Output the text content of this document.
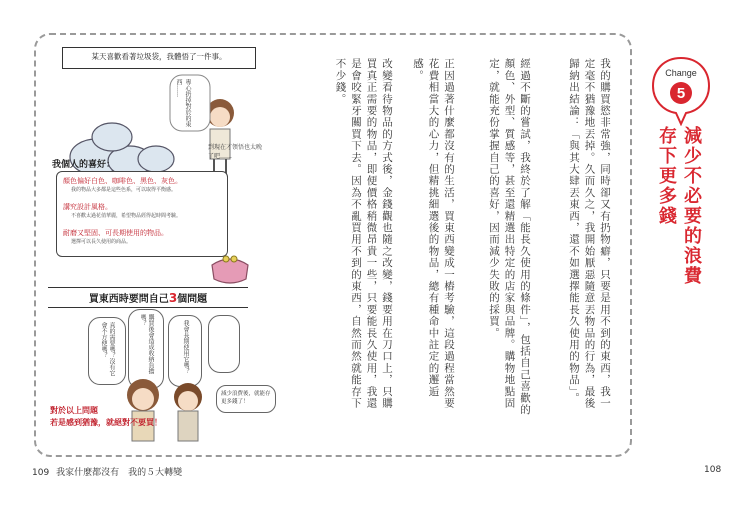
Change
5
減少不必要的浪費
存下更多錢
我的購買慾非常強，同時卻又有扔物癖，只要是用不到的東西，我一定毫不猶豫地丟掉。久而久之，我開始厭惡隨意丟物品的行為，最後歸納出結論：「與其大肆丟東西，還不如選擇能長久使用的物品」。
經過不斷的嘗試，我終於了解「能長久使用的條件」，包括自己喜歡的顏色、外型、質感等，甚至還精選出特定的店家與品牌。購物地點固定，就能充份掌握自己的喜好，因而減少失敗的採買。
正因過著什麼都沒有的生活，買東西變成一樁考驗，這段過程當然要花費相當大的心力，但精挑細選後的物品，總有種命中註定的邂逅感。
改變看待物品的方式後，金錢觀也隨之改變，錢要用在刀口上，只購買真正需要的物品，即便價格稍微昂貴一些，只要能長久使用，我還是會咬緊牙關買下去。因為不亂買用不到的東西，自然而然就能存下不少錢。
某天喜歡看著垃圾袋，我體悟了一件事。
專心扔掉對於的東西……
到現在才領悟也太晚了吧……
我個人的喜好：
顏色偏好白色、咖啡色、黑色、灰色。
我的物品大多都是這些色系，可以取得平衡感。
講究設計風格。
不喜歡太過花俏華麗，希望物品經得起時間考驗。
耐磨又堅固、可長期使用的物品。
選擇可以長久使用的商品。
買東西時要問自己3個問題
我會長期使用它嗎？
購買後會造成收納負擔嗎？
真的需要嗎？沒有它會不方便嗎？
減少浪費後，就能存更多錢了！
對於以上問題
若是感到猶豫，就絕對不要買！
109 我家什麼都沒有　我的５大轉變	108
